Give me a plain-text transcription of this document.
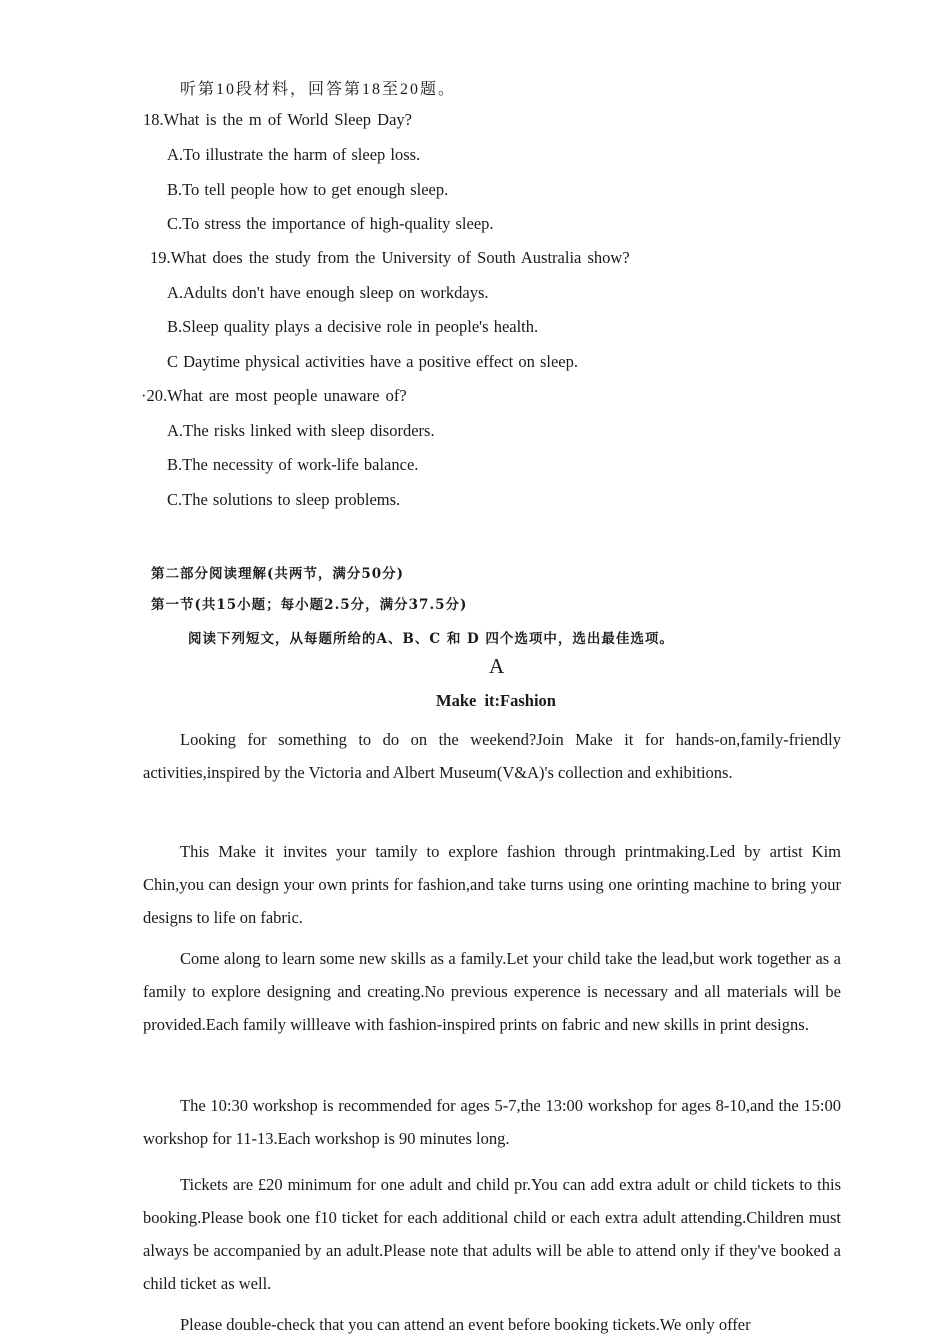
听第10段材料，回答第18至20题。
18.What is the m of World Sleep Day?
A.To illustrate the harm of sleep loss.
B.To tell people how to get enough sleep.
C.To stress the importance of high-quality sleep.
19.What does the study from the University of South Australia show?
A.Adults don't have enough sleep on workdays.
B.Sleep quality plays a decisive role in people's health.
C Daytime physical activities have a positive effect on sleep.
·20.What are most people unaware of?
A.The risks linked with sleep disorders.
B.The necessity of work-life balance.
C.The solutions to sleep problems.
第二部分阅读理解(共两节，满分50分)
第一节(共15小题；每小题2.5分，满分37.5分)
阅读下列短文，从每题所给的A、B、C 和 D 四个选项中，选出最佳选项。
A
Make it:Fashion

Looking for something to do on the weekend?Join Make it for hands-on,family-friendly activities,inspired by the Victoria and Albert Museum(V&A)'s collection and exhibitions.

This Make it invites your tamily to explore fashion through printmaking.Led by artist Kim Chin,you can design your own prints for fashion,and take turns using one orinting machine to bring your designs to life on fabric.

Come along to learn some new skills as a family.Let your child take the lead,but work together as a family to explore designing and creating.No previous experence is necessary and all materials will be provided.Each family willleave with fashion-inspired prints on fabric and new skills in print designs.

The 10:30 workshop is recommended for ages 5-7,the 13:00 workshop for ages 8-10,and the 15:00 workshop for 11-13.Each workshop is 90 minutes long.

Tickets are £20 minimum for one adult and child pr.You can add extra adult or child tickets to this booking.Please book one f10 ticket for each additional child or each extra adult attending.Children must always be accompanied by an adult.Please note that adults will be able to attend only if they've booked a child ticket as well.

Please double-check that you can attend an event before booking tickets.We only offer
